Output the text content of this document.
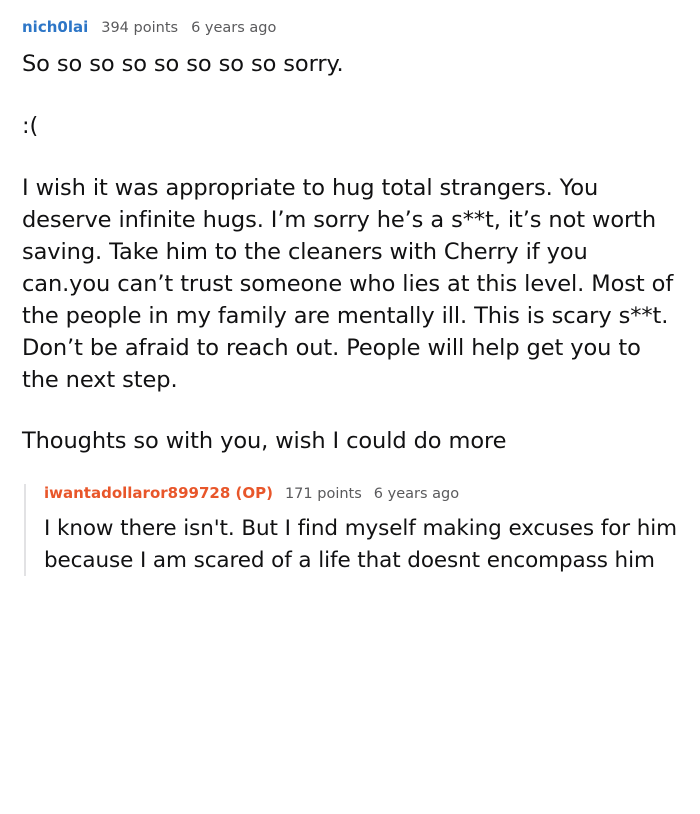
nich0lai 394 points 6 years ago

So so so so so so so so sorry.

:(

I wish it was appropriate to hug total strangers. You deserve infinite hugs. I’m sorry he’s a s**t, it’s not worth saving. Take him to the cleaners with Cherry if you can.you can’t trust someone who lies at this level. Most of the people in my family are mentally ill. This is scary s**t. Don’t be afraid to reach out. People will help get you to the next step.

Thoughts so with you, wish I could do more

iwantadollaror899728 (OP) 171 points 6 years ago

I know there isn't. But I find myself making excuses for him because I am scared of a life that doesnt encompass him
